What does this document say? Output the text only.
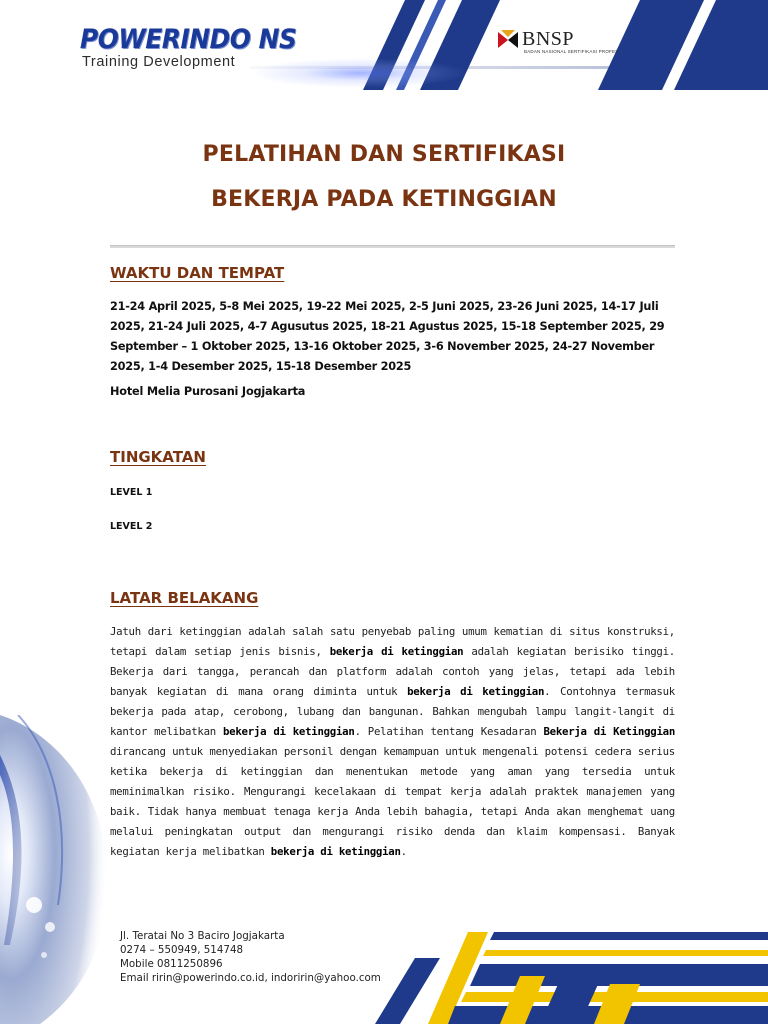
POWERINDO NS
Training Development
BNSP
BADAN NASIONAL SERTIFIKASI PROFESI
PELATIHAN DAN SERTIFIKASI
BEKERJA PADA KETINGGIAN
WAKTU DAN TEMPAT
21-24 April 2025, 5-8 Mei 2025, 19-22 Mei 2025, 2-5 Juni 2025, 23-26 Juni 2025, 14-17 Juli 2025, 21-24 Juli 2025, 4-7 Agusutus 2025, 18-21 Agustus 2025, 15-18 September 2025, 29 September – 1 Oktober 2025, 13-16 Oktober 2025, 3-6 November 2025, 24-27 November 2025, 1-4 Desember 2025, 15-18 Desember 2025
Hotel Melia Purosani Jogjakarta
TINGKATAN
LEVEL 1
LEVEL 2
LATAR BELAKANG
Jatuh dari ketinggian adalah salah satu penyebab paling umum kematian di situs konstruksi, tetapi dalam setiap jenis bisnis, bekerja di ketinggian adalah kegiatan berisiko tinggi. Bekerja dari tangga, perancah dan platform adalah contoh yang jelas, tetapi ada lebih banyak kegiatan di mana orang diminta untuk bekerja di ketinggian. Contohnya termasuk bekerja pada atap, cerobong, lubang dan bangunan. Bahkan mengubah lampu langit-langit di kantor melibatkan bekerja di ketinggian. Pelatihan tentang Kesadaran Bekerja di Ketinggian dirancang untuk menyediakan personil dengan kemampuan untuk mengenali potensi cedera serius ketika bekerja di ketinggian dan menentukan metode yang aman yang tersedia untuk meminimalkan risiko. Mengurangi kecelakaan di tempat kerja adalah praktek manajemen yang baik. Tidak hanya membuat tenaga kerja Anda lebih bahagia, tetapi Anda akan menghemat uang melalui peningkatan output dan mengurangi risiko denda dan klaim kompensasi. Banyak kegiatan kerja melibatkan bekerja di ketinggian.
Jl. Teratai No 3 Baciro Jogjakarta
0274 – 550949, 514748
Mobile 0811250896
Email ririn@powerindo.co.id, indoririn@yahoo.com
